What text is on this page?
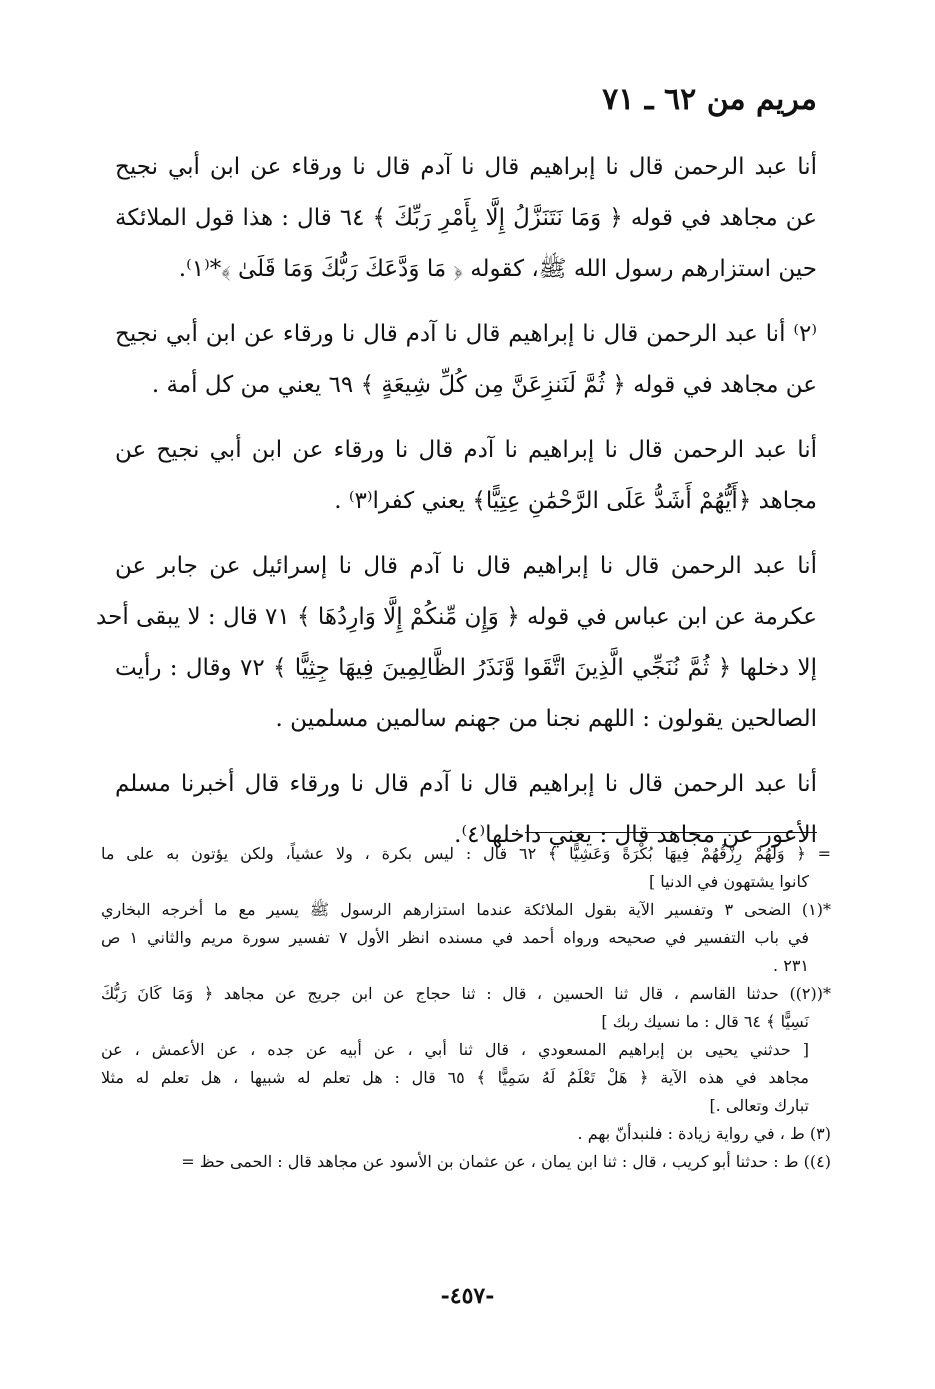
مريم من ٦٢ ـ ٧١
أنا عبد الرحمن قال نا إبراهيم قال نا آدم قال نا ورقاء عن ابن أبي نجيح
عن مجاهد في قوله ﴿ وَمَا نَتَنَزَّلُ إِلَّا بِأَمْرِ رَبِّكَ ﴾ ٦٤ قال : هذا قول الملائكة
حين استزارهم رسول الله ﷺ، كقوله ﴿ مَا وَدَّعَكَ رَبُّكَ وَمَا قَلَىٰ ﴾*⁽١⁾.
⁽٢⁾ أنا عبد الرحمن قال نا إبراهيم قال نا آدم قال نا ورقاء عن ابن أبي نجيح
عن مجاهد في قوله ﴿ ثُمَّ لَنَنزِعَنَّ مِن كُلِّ شِيعَةٍ ﴾ ٦٩ يعني من كل أمة .
أنا عبد الرحمن قال نا إبراهيم نا آدم قال نا ورقاء عن ابن أبي نجيح عن
مجاهد ﴿أَيُّهُمْ أَشَدُّ عَلَى الرَّحْمَٰنِ عِتِيًّا﴾ يعني كفرا⁽٣⁾ .
أنا عبد الرحمن قال نا إبراهيم قال نا آدم قال نا إسرائيل عن جابر عن
عكرمة عن ابن عباس في قوله ﴿ وَإِن مِّنكُمْ إِلَّا وَارِدُهَا ﴾ ٧١ قال : لا يبقى أحد
إلا دخلها ﴿ ثُمَّ نُنَجِّي الَّذِينَ اتَّقَوا وَّنَذَرُ الظَّالِمِينَ فِيهَا جِثِيًّا ﴾ ٧٢ وقال : رأيت
الصالحين يقولون : اللهم نجنا من جهنم سالمين مسلمين .
أنا عبد الرحمن قال نا إبراهيم قال نا آدم قال نا ورقاء قال أخبرنا مسلم
الأعور عن مجاهد قال : يعني داخلها⁽٤⁾.
= ﴿ وَلَهُمْ رِزْقُهُمْ فِيهَا بُكْرَةً وَعَشِيًّا ﴾ ٦٢ قال : ليس بكرة ، ولا عشياً، ولكن يؤتون به على ما
كانوا يشتهون في الدنيا ]
*(١) الضحى ٣ وتفسير الآية بقول الملائكة عندما استزارهم الرسول ﷺ يسير مع ما أخرجه البخاري
في باب التفسير في صحيحه ورواه أحمد في مسنده انظر الأول ٧ تفسير سورة مريم والثاني ١ ص
٢٣١ .
*((٢)) حدثنا القاسم ، قال ثنا الحسين ، قال : ثنا حجاج عن ابن جريج عن مجاهد ﴿ وَمَا كَانَ رَبُّكَ
نَسِيًّا ﴾ ٦٤ قال : ما نسيك ربك ]
[ حدثني يحيى بن إبراهيم المسعودي ، قال ثنا أبي ، عن أبيه عن جده ، عن الأعمش ، عن
مجاهد في هذه الآية ﴿ هَلْ تَعْلَمُ لَهُ سَمِيًّا ﴾ ٦٥ قال : هل تعلم له شبيها ، هل تعلم له مثلا
تبارك وتعالى .]
(٣) ط ، في رواية زيادة : فلنبدأنّ بهم .
(٤)) ط : حدثنا أبو كريب ، قال : ثنا ابن يمان ، عن عثمان بن الأسود عن مجاهد قال : الحمى حظ =
-٤٥٧-
